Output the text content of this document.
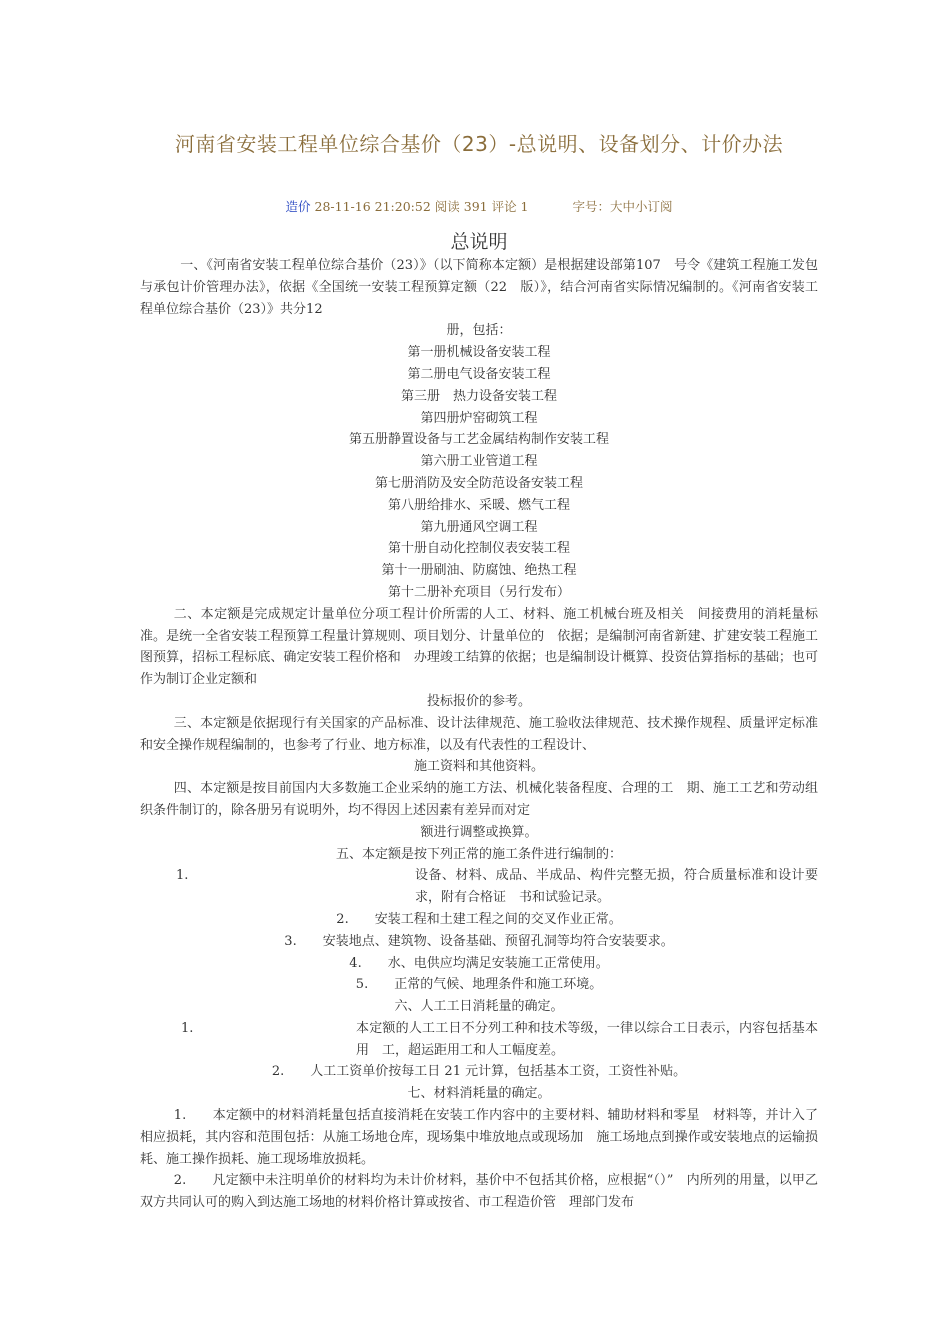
河南省安装工程单位综合基价（23）-总说明、设备划分、计价办法
造价 28-11-16 21:20:52 阅读 391 评论 1	字号：大中小订阅
总说明

一、《河南省安装工程单位综合基价（23）》（以下简称本定额）是根据建设部第107　号令《建筑工程施工发包与承包计价管理办法》，依据《全国统一安装工程预算定额（22　版）》，结合河南省实际情况编制的。《河南省安装工程单位综合基价（23）》共分12

册，包括：

第一册机械设备安装工程

第二册电气设备安装工程

第三册　热力设备安装工程

第四册炉窑砌筑工程

第五册静置设备与工艺金属结构制作安装工程

第六册工业管道工程

第七册消防及安全防范设备安装工程

第八册给排水、采暖、燃气工程

第九册通风空调工程

第十册自动化控制仪表安装工程

第十一册刷油、防腐蚀、绝热工程

第十二册补充项目（另行发布）

二、本定额是完成规定计量单位分项工程计价所需的人工、材料、施工机械台班及相关　间接费用的消耗量标准。是统一全省安装工程预算工程量计算规则、项目划分、计量单位的　依据；是编制河南省新建、扩建安装工程施工图预算，招标工程标底、确定安装工程价格和　办理竣工结算的依据；也是编制设计概算、投资估算指标的基础；也可作为制订企业定额和

投标报价的参考。

三、本定额是依据现行有关国家的产品标准、设计法律规范、施工验收法律规范、技术操作规程、质量评定标准和安全操作规程编制的，也参考了行业、地方标准，以及有代表性的工程设计、

施工资料和其他资料。

四、本定额是按目前国内大多数施工企业采纳的施工方法、机械化装备程度、合理的工　期、施工工艺和劳动组织条件制订的，除各册另有说明外，均不得因上述因素有差异而对定

额进行调整或换算。

五、本定额是按下列正常的施工条件进行编制的：

1.	设备、材料、成品、半成品、构件完整无损，符合质量标准和设计要求，附有合格证　书和试验记录。

2.　　安装工程和土建工程之间的交叉作业正常。

3.　　安装地点、建筑物、设备基础、预留孔洞等均符合安装要求。

4.　　水、电供应均满足安装施工正常使用。

5.　　正常的气候、地理条件和施工环境。

六、人工工日消耗量的确定。

1.	本定额的人工工日不分列工种和技术等级，一律以综合工日表示，内容包括基本用　工，超运距用工和人工幅度差。

2.　　人工工资单价按每工日 21 元计算，包括基本工资，工资性补贴。

七、材料消耗量的确定。

1.　　本定额中的材料消耗量包括直接消耗在安装工作内容中的主要材料、辅助材料和零星　材料等，并计入了相应损耗，其内容和范围包括：从施工场地仓库，现场集中堆放地点或现场加　施工场地点到操作或安装地点的运输损耗、施工操作损耗、施工现场堆放损耗。

2.　　凡定额中未注明单价的材料均为未计价材料，基价中不包括其价格，应根据“（）”　内所列的用量，以甲乙双方共同认可的购入到达施工场地的材料价格计算或按省、市工程造价管　理部门发布
